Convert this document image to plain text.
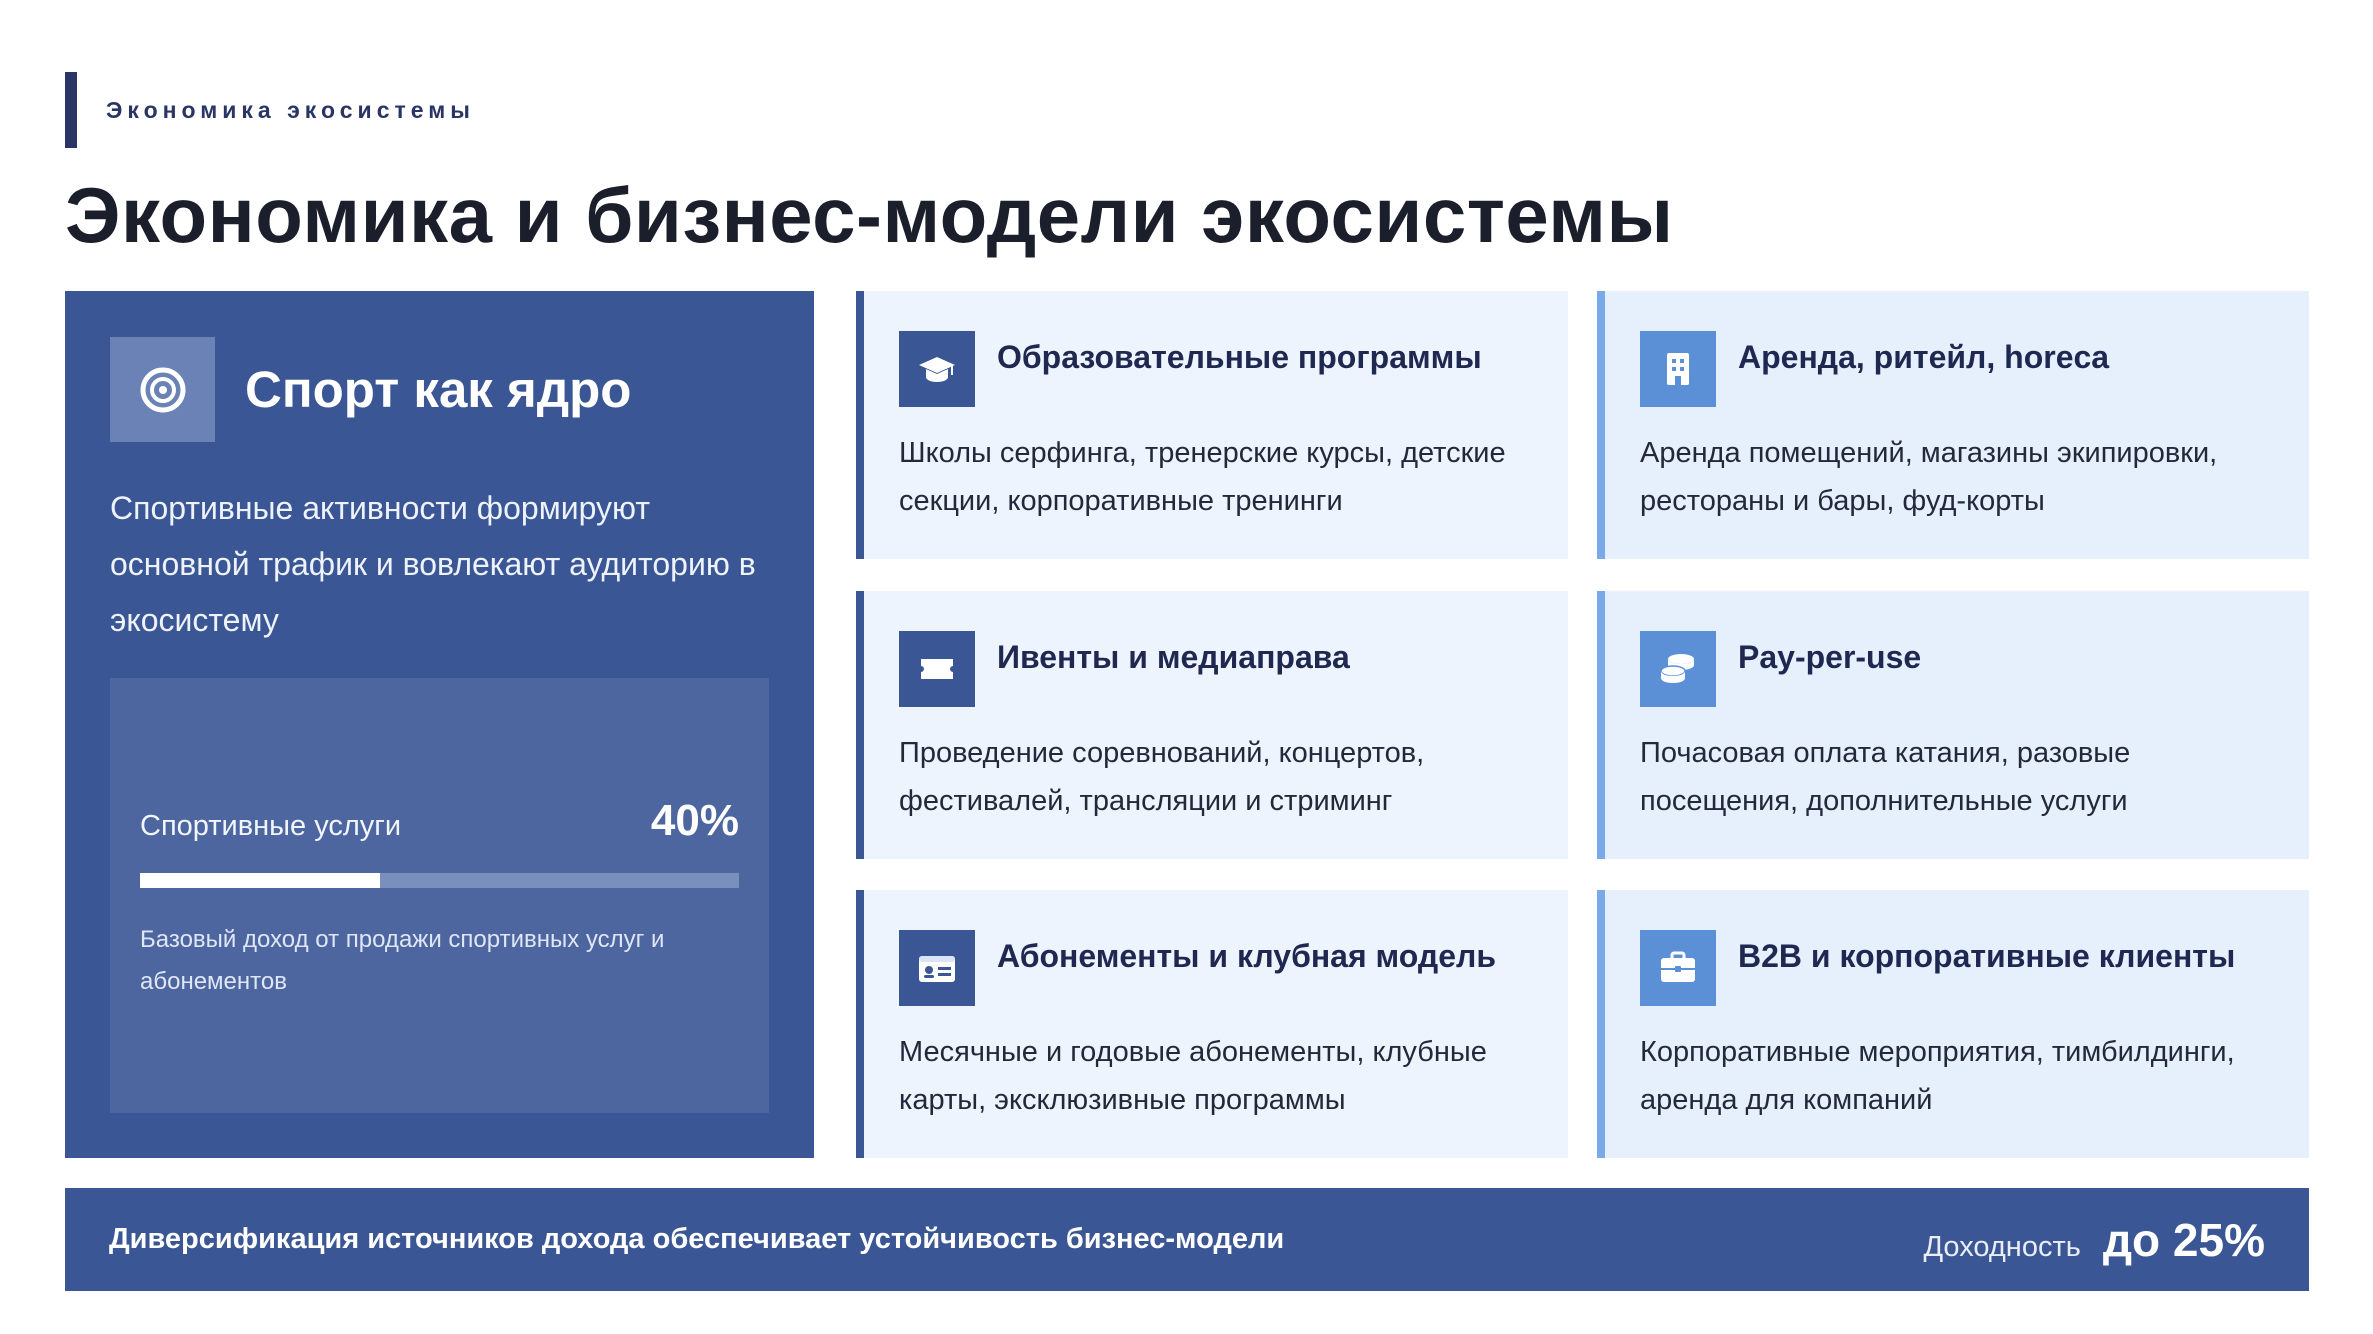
Экономика экосистемы
Экономика и бизнес-модели экосистемы
Спорт как ядро

Спортивные активности формируют основной трафик и вовлекают аудиторию в экосистему

Спортивные услуги	40%

Базовый доход от продажи спортивных услуг и абонементов

Образовательные программы

Школы серфинга, тренерские курсы, детские секции, корпоративные тренинги

Аренда, ритейл, horeca

Аренда помещений, магазины экипировки, рестораны и бары, фуд-корты

Ивенты и медиаправа

Проведение соревнований, концертов, фестивалей, трансляции и стриминг

Pay-per-use

Почасовая оплата катания, разовые посещения, дополнительные услуги

Абонементы и клубная модель

Месячные и годовые абонементы, клубные карты, эксклюзивные программы

B2B и корпоративные клиенты

Корпоративные мероприятия, тимбилдинги, аренда для компаний

Диверсификация источников дохода обеспечивает устойчивость бизнес-модели	Доходность до 25%
